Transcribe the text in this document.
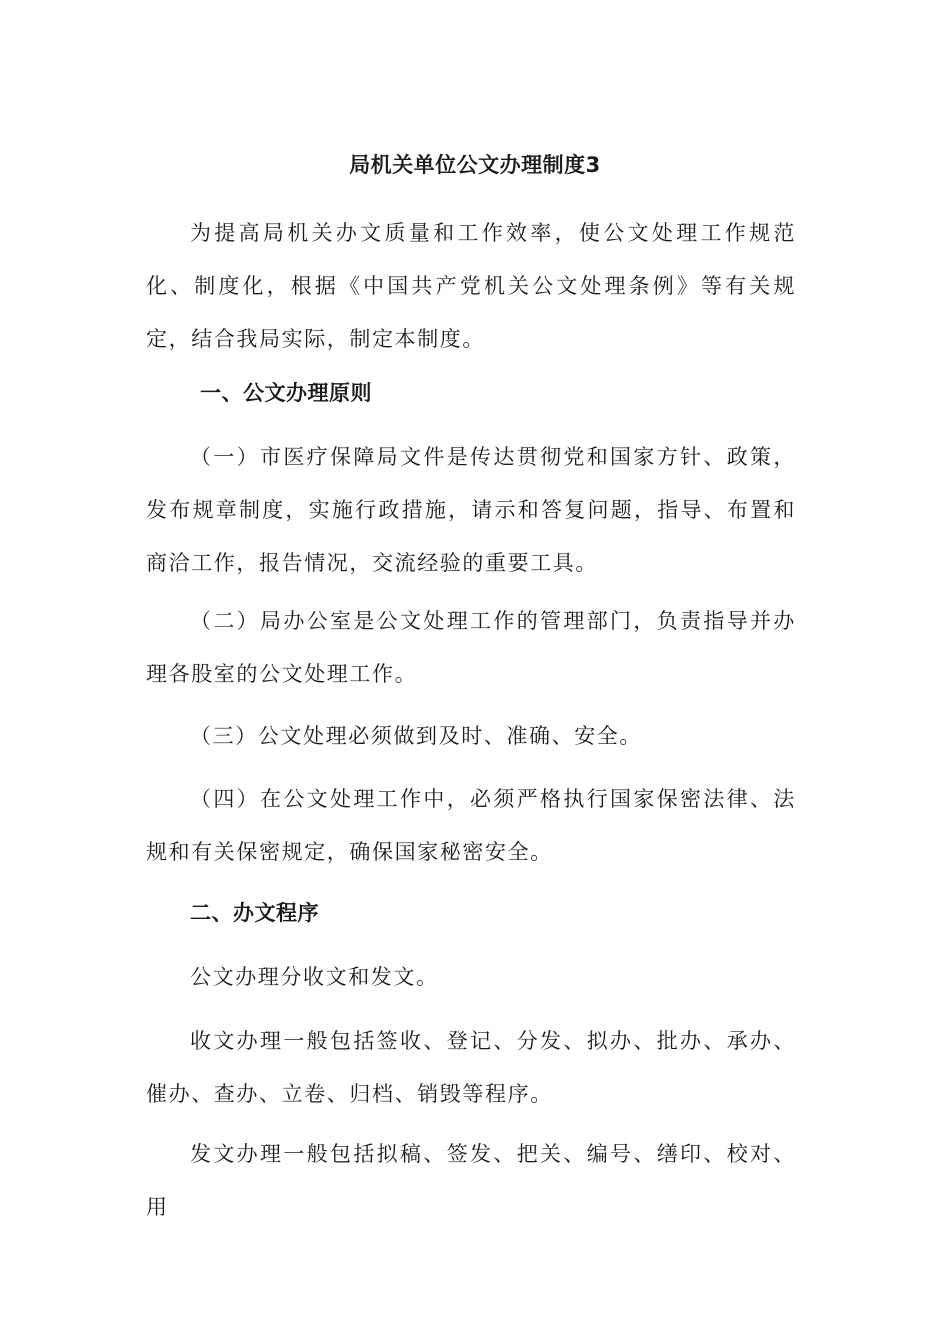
局机关单位公文办理制度3

为提高局机关办文质量和工作效率，使公文处理工作规范化、制度化，根据《中国共产党机关公文处理条例》等有关规定，结合我局实际，制定本制度。

一、公文办理原则

（一）市医疗保障局文件是传达贯彻党和国家方针、政策，发布规章制度，实施行政措施，请示和答复问题，指导、布置和商洽工作，报告情况，交流经验的重要工具。

（二）局办公室是公文处理工作的管理部门，负责指导并办理各股室的公文处理工作。

（三）公文处理必须做到及时、准确、安全。

（四）在公文处理工作中，必须严格执行国家保密法律、法规和有关保密规定，确保国家秘密安全。

二、办文程序

公文办理分收文和发文。

收文办理一般包括签收、登记、分发、拟办、批办、承办、催办、查办、立卷、归档、销毁等程序。

发文办理一般包括拟稿、签发、把关、编号、缮印、校对、用
